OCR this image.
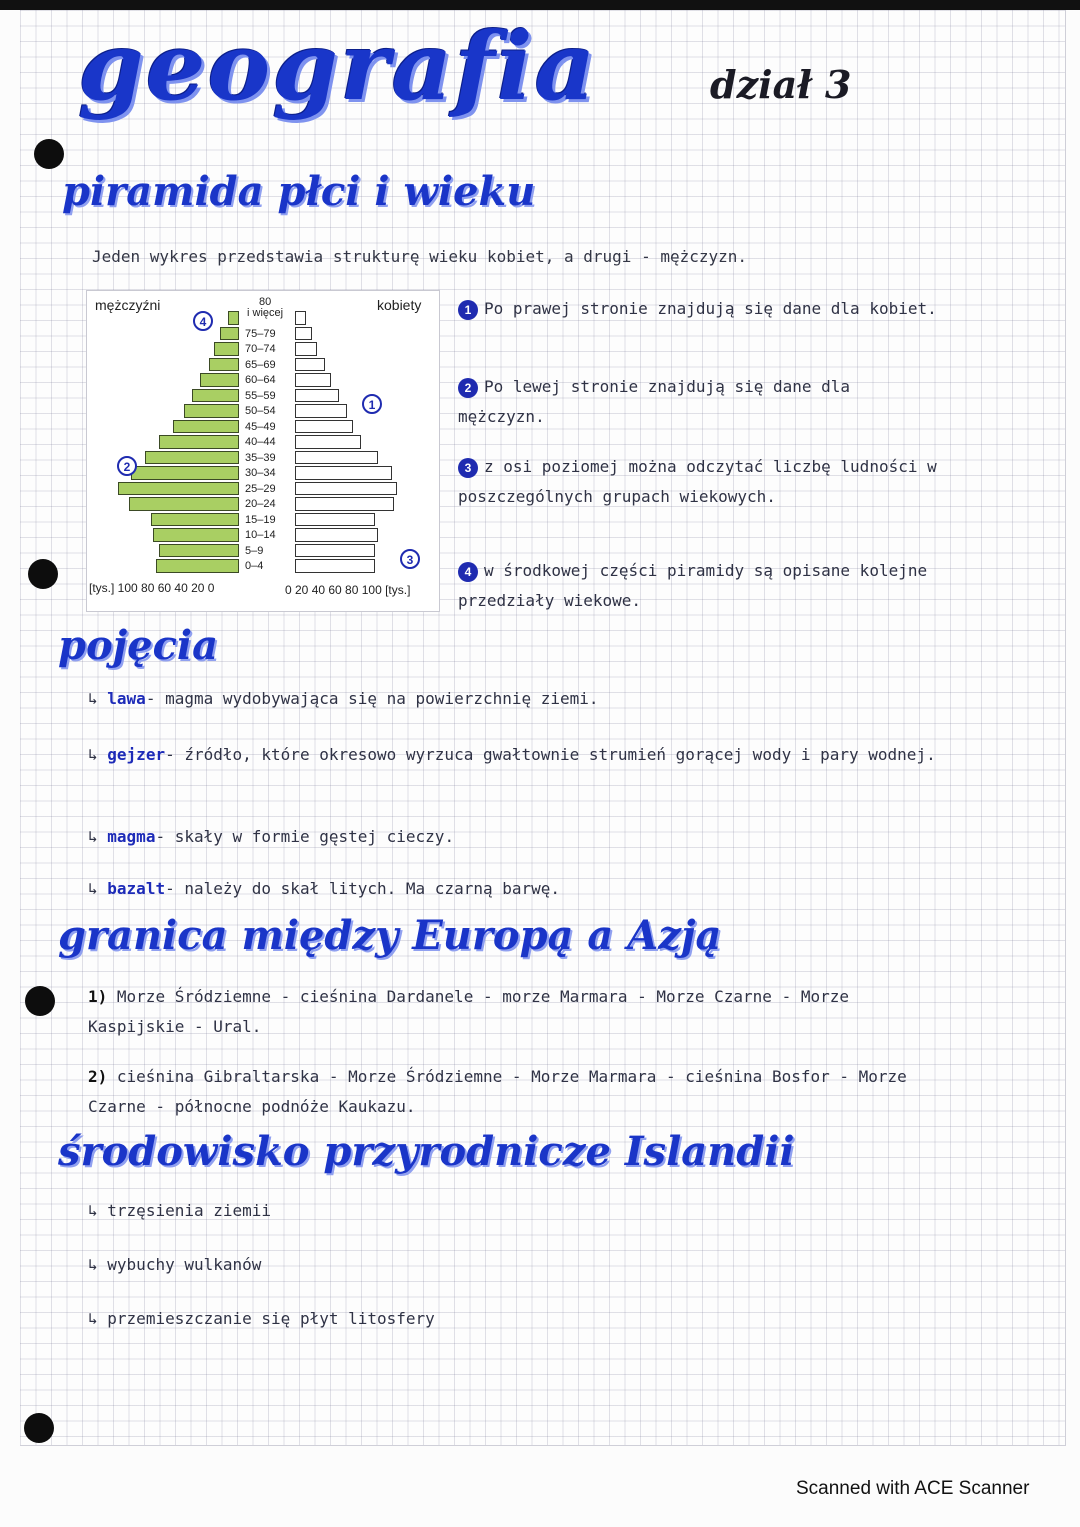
geografia	dział 3
piramida płci i wieku
Jeden wykres przedstawia strukturę wieku kobiet, a drugi - mężczyzn.
mężczyźni	kobiety
[tys.] 100 80 60 40 20 0	0 20 40 60 80 100 [tys.]
80
i więcej
75–79
70–74
65–69
60–64
55–59
50–54
45–49
40–44
35–39
30–34
25–29
20–24
15–19
10–14
5–9
0–4
4
1
2
3
1 Po prawej stronie znajdują się dane dla kobiet.
2 Po lewej stronie znajdują się dane dla mężczyzn.
3 z osi poziomej można odczytać liczbę ludności w poszczególnych grupach wiekowych.
4 w środkowej części piramidy są opisane kolejne przedziały wiekowe.
pojęcia
↳ lawa- magma wydobywająca się na powierzchnię ziemi.
↳ gejzer- źródło, które okresowo wyrzuca gwałtownie strumień gorącej wody i pary wodnej.
↳ magma- skały w formie gęstej cieczy.
↳ bazalt- należy do skał litych. Ma czarną barwę.
granica między Europą a Azją
1) Morze Śródziemne - cieśnina Dardanele - morze Marmara - Morze Czarne - Morze Kaspijskie - Ural.
2) cieśnina Gibraltarska - Morze Śródziemne - Morze Marmara - cieśnina Bosfor - Morze Czarne - północne podnóże Kaukazu.
środowisko przyrodnicze Islandii
↳ trzęsienia ziemii
↳ wybuchy wulkanów
↳ przemieszczanie się płyt litosfery
Scanned with ACE Scanner
